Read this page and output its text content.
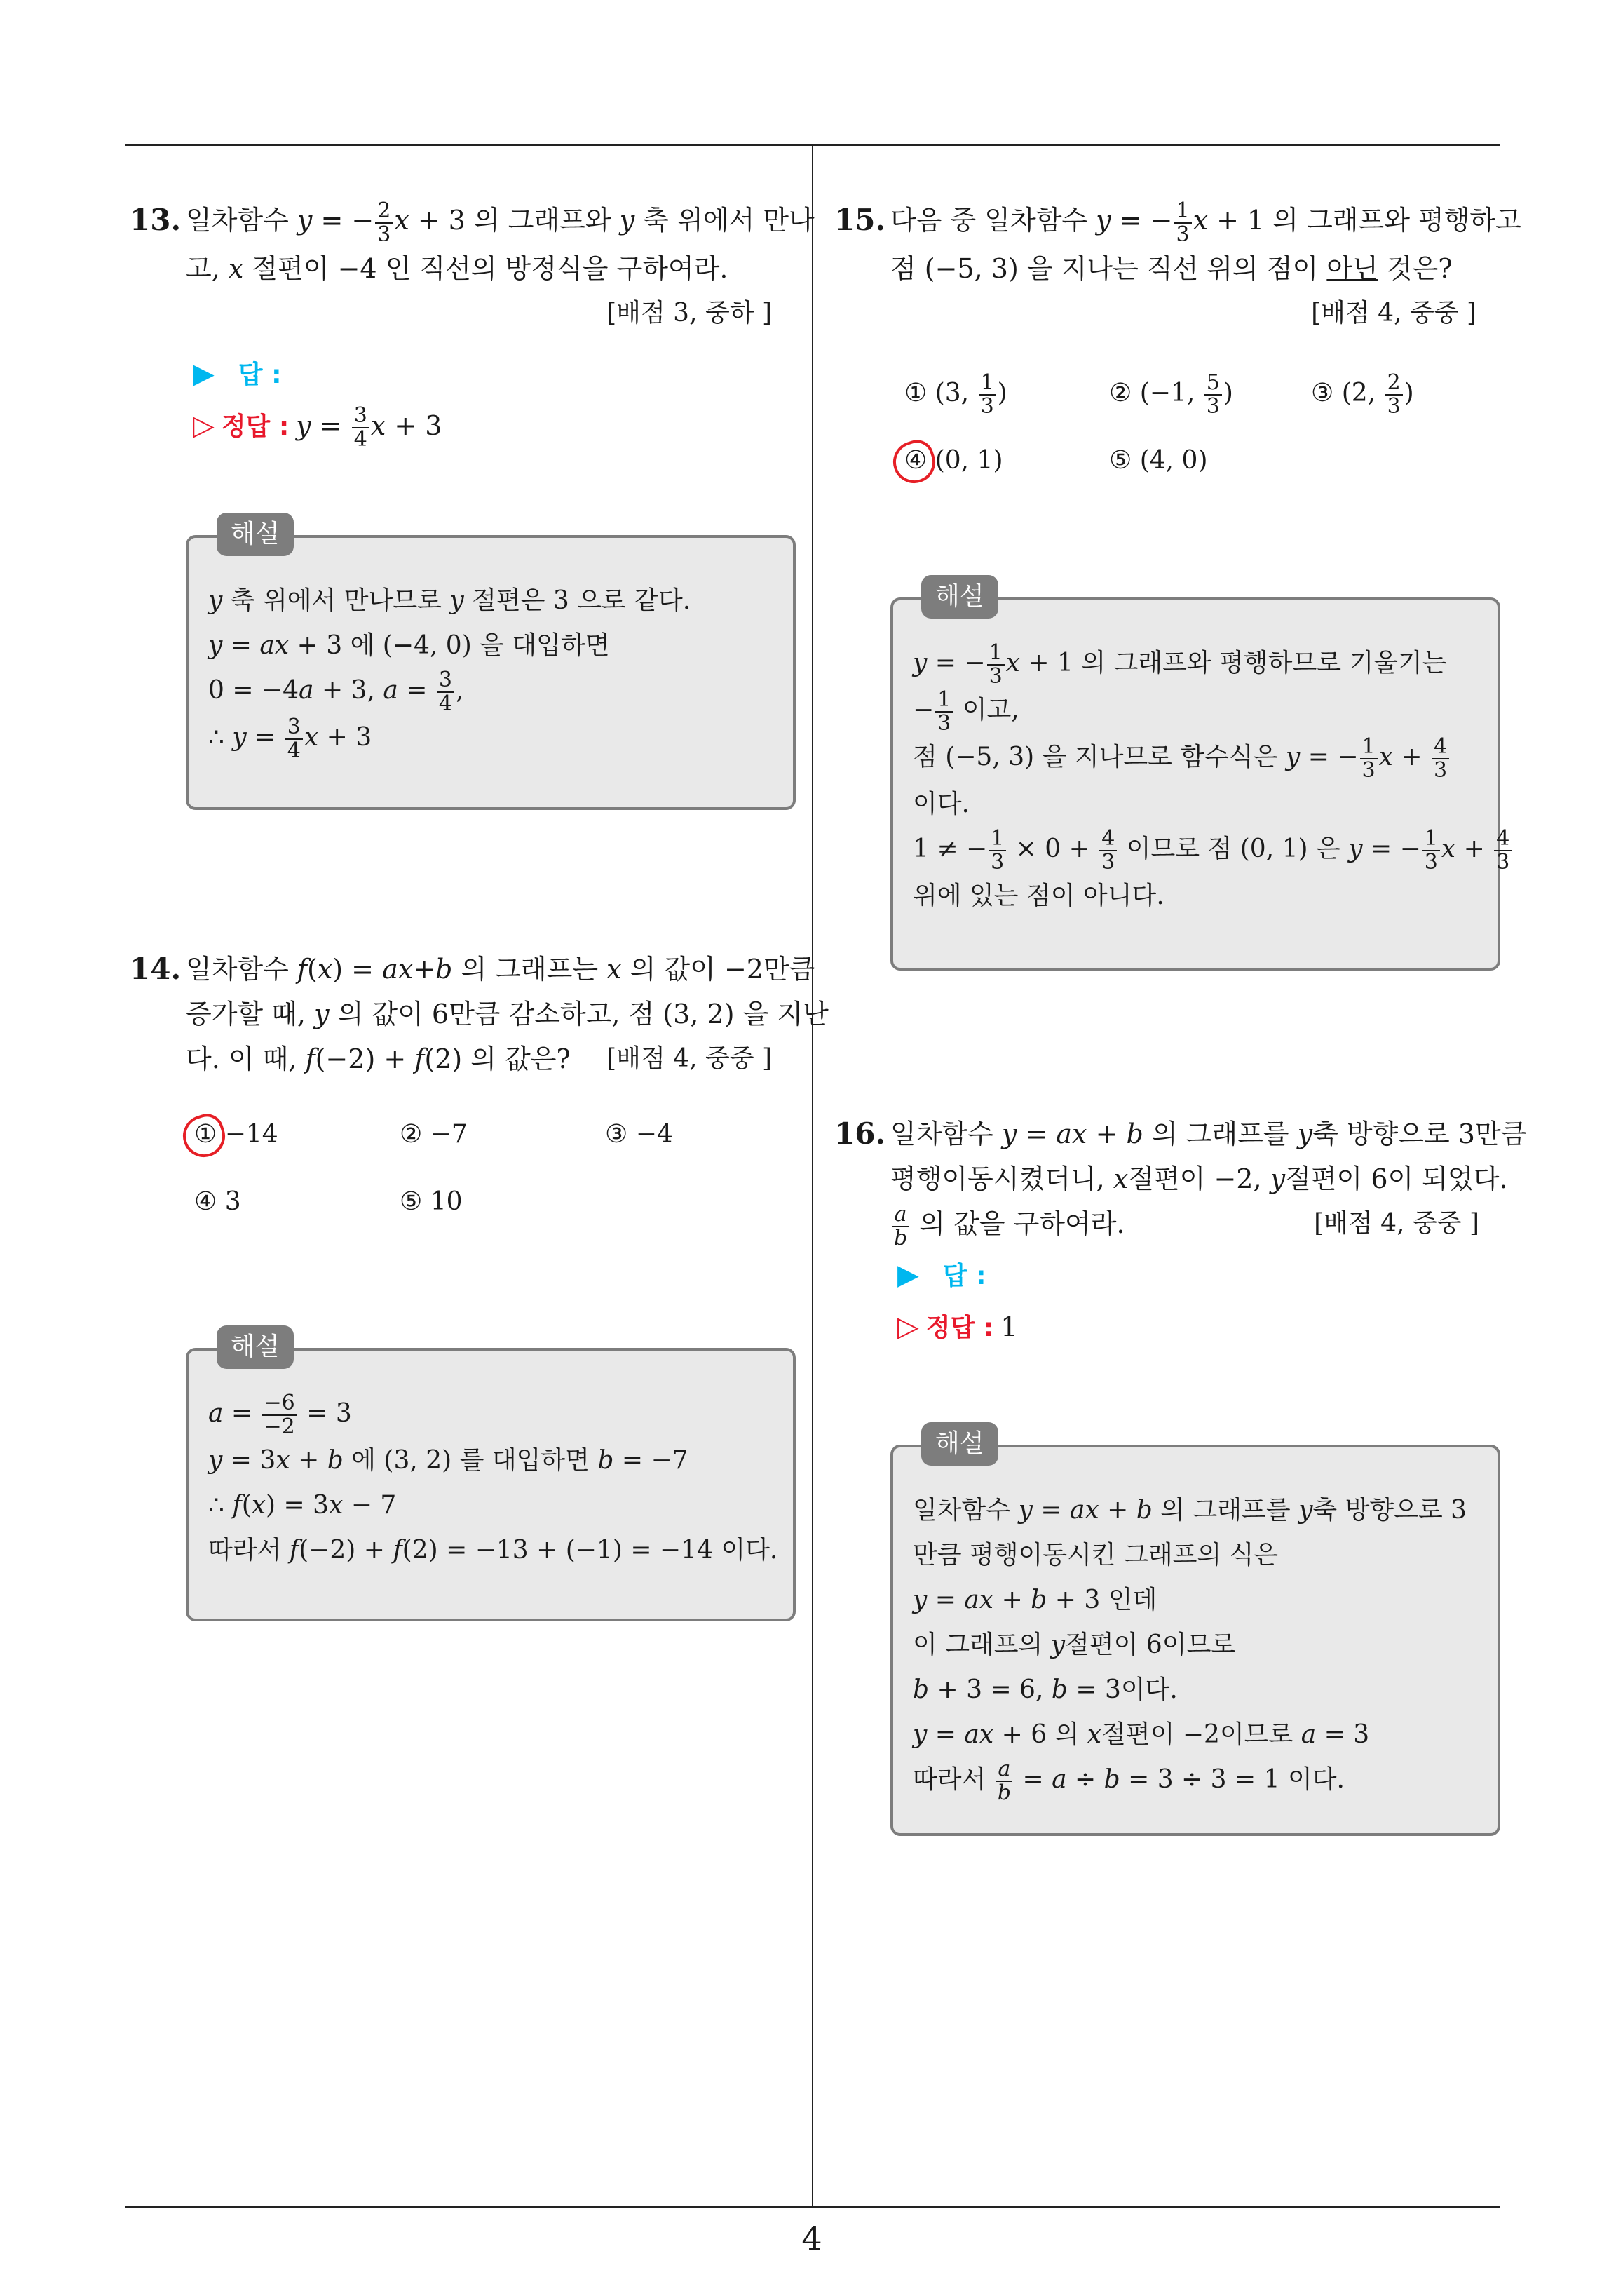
4
13. 일차함수 y = − $\frac{2}{3}$ x + 3 의 그래프와 y 축 위에서 만나
고, x 절편이 −4 인 직선의 방정식을 구하여라.
[배점 3, 중하 ]
▶ 답 :
▷ 정답 : $y = \frac{3}{4}$ x + 3
해설
y 축 위에서 만나므로 y 절편은 3 으로 같다.
y = ax + 3 에 (−4, 0) 을 대입하면
0 = −4a + 3, $a = \frac{3}{4}$ ,
∴ $y = \frac{3}{4}$ x + 3
14. 일차함수 f(x) = ax+b 의 그래프는 x 의 값이 −2만큼
증가할 때, y 의 값이 6만큼 감소하고, 점 (3, 2) 을 지난
다. 이 때, f(−2) + f(2) 의 값은?	[배점 4, 중중 ]
① −14	② −7	③ −4
④ 3	⑤ 10
해설
$a = \frac{-6}{-2} = 3$
y = 3x + b 에 (3, 2) 를 대입하면 b = −7
∴ f(x) = 3x − 7
따라서 f(−2) + f(2) = −13 + (−1) = −14 이다.
15. 다음 중 일차함수 y = − $\frac{1}{3}$ x + 1 의 그래프와 평행하고
점 (−5, 3) 을 지나는 직선 위의 점이 아닌 것은?
[배점 4, 중중 ]
① (3, $\frac{1}{3}$ )	② (−1, $\frac{5}{3}$ )	③ (2, $\frac{2}{3}$ )
④ (0, 1)	⑤ (4, 0)
해설
y = − $\frac{1}{3}$ x + 1 의 그래프와 평행하므로 기울기는
− $\frac{1}{3}$ 이고,
점 (−5, 3) 을 지나므로 함수식은 y = − $\frac{1}{3}$ $x + \frac{4}{3}$
이다.
1 ≠ − $\frac{1}{3} \times 0 + \frac{4}{3}$ 이므로 점 (0, 1) 은 y = − $\frac{1}{3}$ $x + \frac{4}{3}$
위에 있는 점이 아니다.
16. 일차함수 y = ax + b 의 그래프를 y축 방향으로 3만큼
평행이동시켰더니, x절편이 −2, y절편이 6이 되었다.
$\frac{a}{b}$ 의 값을 구하여라.	[배점 4, 중중 ]
▶ 답 :
▷ 정답 : 1
해설
일차함수 y = ax + b 의 그래프를 y축 방향으로 3
만큼 평행이동시킨 그래프의 식은
y = ax + b + 3 인데
이 그래프의 y절편이 6이므로
b + 3 = 6, b = 3이다.
y = ax + 6 의 x절편이 −2이므로 a = 3
따라서 $\frac{a}{b} = a \div b = 3 \div 3 = 1$ 이다.
